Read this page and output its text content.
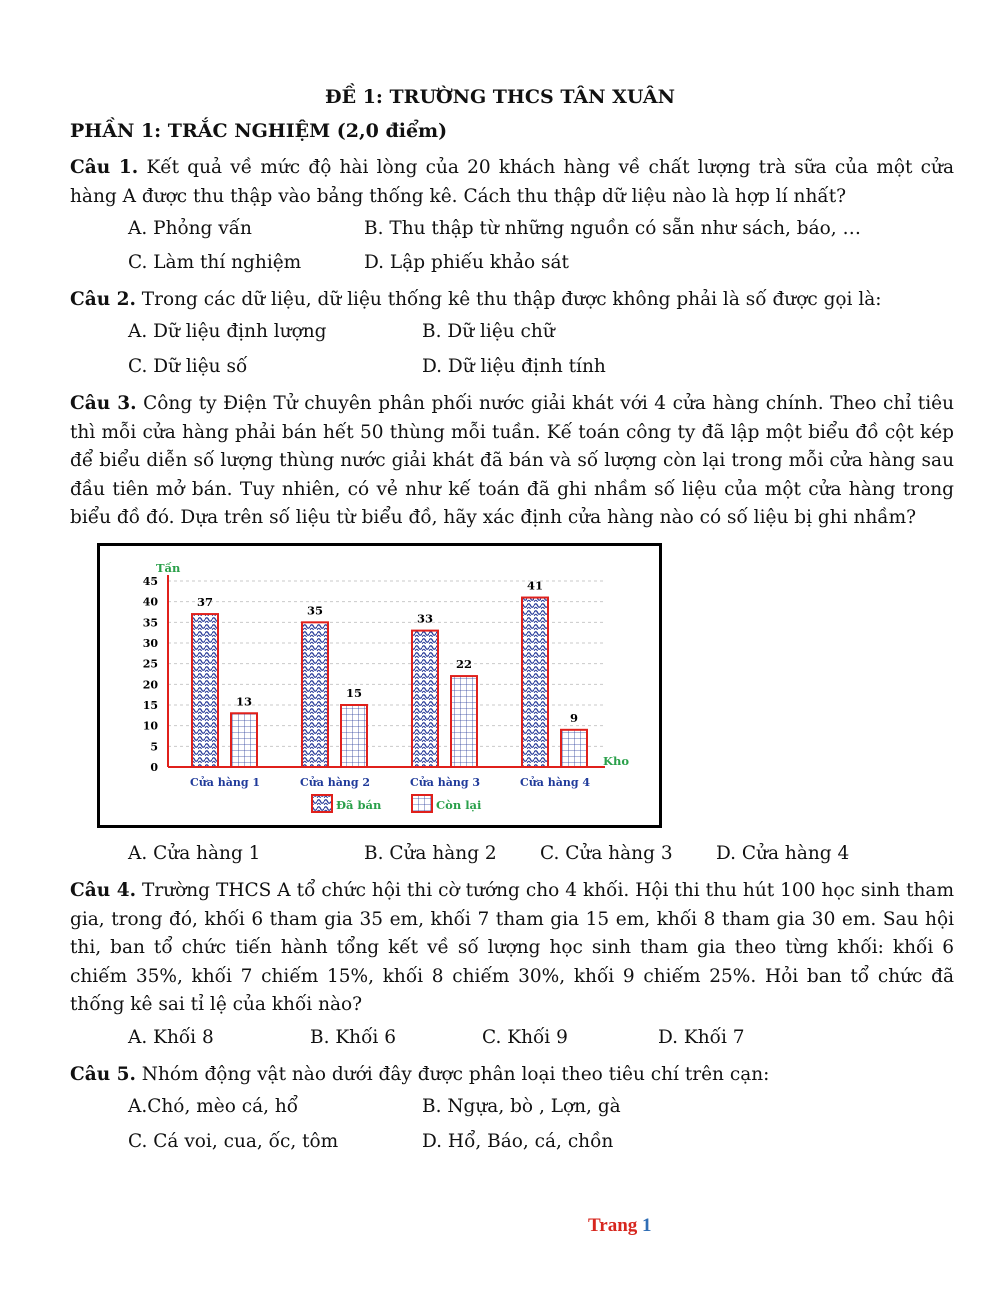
ĐỀ 1: TRƯỜNG THCS TÂN XUÂN
PHẦN 1: TRẮC NGHIỆM (2,0 điểm)
Câu 1. Kết quả về mức độ hài lòng của 20 khách hàng về chất lượng trà sữa của một cửa hàng A được thu thập vào bảng thống kê. Cách thu thập dữ liệu nào là hợp lí nhất?
A. Phỏng vấn	B. Thu thập từ những nguồn có sẵn như sách, báo, …
C. Làm thí nghiệm	D. Lập phiếu khảo sát
Câu 2. Trong các dữ liệu, dữ liệu thống kê thu thập được không phải là số được gọi là:
A. Dữ liệu định lượng	B. Dữ liệu chữ
C. Dữ liệu số	D. Dữ liệu định tính
Câu 3. Công ty Điện Tử chuyên phân phối nước giải khát với 4 cửa hàng chính. Theo chỉ tiêu thì mỗi cửa hàng phải bán hết 50 thùng mỗi tuần. Kế toán công ty đã lập một biểu đồ cột kép để biểu diễn số lượng thùng nước giải khát đã bán và số lượng còn lại trong mỗi cửa hàng sau đầu tiên mở bán. Tuy nhiên, có vẻ như kế toán đã ghi nhầm số liệu của một cửa hàng trong biểu đồ đó. Dựa trên số liệu từ biểu đồ, hãy xác định cửa hàng nào có số liệu bị ghi nhầm?
0
5
10
15
20
25
30
35
40
45
Tấn
Kho
37
13
Cửa hàng 1
35
15
Cửa hàng 2
33
22
Cửa hàng 3
41
9
Cửa hàng 4
Đã bán	Còn lại
A. Cửa hàng 1	B. Cửa hàng 2 C. Cửa hàng 3 D. Cửa hàng 4
Câu 4. Trường THCS A tổ chức hội thi cờ tướng cho 4 khối. Hội thi thu hút 100 học sinh tham gia, trong đó, khối 6 tham gia 35 em, khối 7 tham gia 15 em, khối 8 tham gia 30 em. Sau hội thi, ban tổ chức tiến hành tổng kết về số lượng học sinh tham gia theo từng khối: khối 6 chiếm 35%, khối 7 chiếm 15%, khối 8 chiếm 30%, khối 9 chiếm 25%. Hỏi ban tổ chức đã thống kê sai tỉ lệ của khối nào?
A. Khối 8	B. Khối 6	C. Khối 9	D. Khối 7
Câu 5. Nhóm động vật nào dưới đây được phân loại theo tiêu chí trên cạn:
A.Chó, mèo cá, hổ	B. Ngựa, bò , Lợn, gà
C. Cá voi, cua, ốc, tôm	D. Hổ, Báo, cá, chồn
Trang 1
